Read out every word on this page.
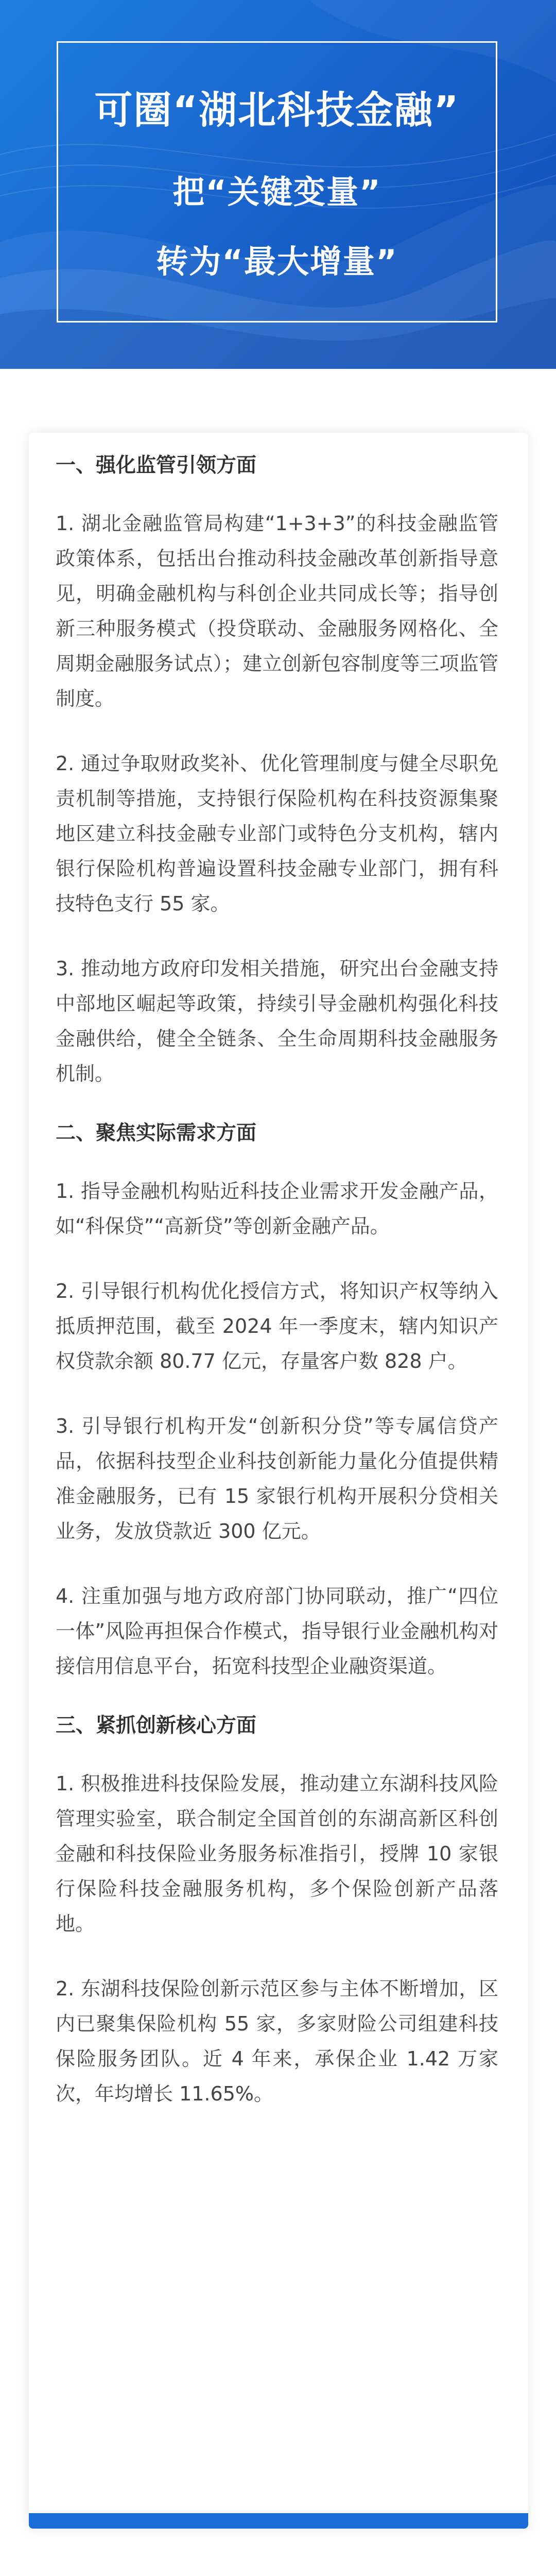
可圈“湖北科技金融”
把“关键变量”
转为“最大增量”
一、强化监管引领方面

1. 湖北金融监管局构建“1+3+3”的科技金融监管政策体系，包括出台推动科技金融改革创新指导意见，明确金融机构与科创企业共同成长等；指导创新三种服务模式（投贷联动、金融服务网格化、全周期金融服务试点）；建立创新包容制度等三项监管制度。

2. 通过争取财政奖补、优化管理制度与健全尽职免责机制等措施，支持银行保险机构在科技资源集聚地区建立科技金融专业部门或特色分支机构，辖内银行保险机构普遍设置科技金融专业部门，拥有科技特色支行 55 家。

3. 推动地方政府印发相关措施，研究出台金融支持中部地区崛起等政策，持续引导金融机构强化科技金融供给，健全全链条、全生命周期科技金融服务机制。

二、聚焦实际需求方面

1. 指导金融机构贴近科技企业需求开发金融产品，如“科保贷”“高新贷”等创新金融产品。

2. 引导银行机构优化授信方式，将知识产权等纳入抵质押范围，截至 2024 年一季度末，辖内知识产权贷款余额 80.77 亿元，存量客户数 828 户。

3. 引导银行机构开发“创新积分贷”等专属信贷产品，依据科技型企业科技创新能力量化分值提供精准金融服务，已有 15 家银行机构开展积分贷相关业务，发放贷款近 300 亿元。

4. 注重加强与地方政府部门协同联动，推广“四位一体”风险再担保合作模式，指导银行业金融机构对接信用信息平台，拓宽科技型企业融资渠道。

三、紧抓创新核心方面

1. 积极推进科技保险发展，推动建立东湖科技风险管理实验室，联合制定全国首创的东湖高新区科创金融和科技保险业务服务标准指引，授牌 10 家银行保险科技金融服务机构，多个保险创新产品落地。

2. 东湖科技保险创新示范区参与主体不断增加，区内已聚集保险机构 55 家，多家财险公司组建科技保险服务团队。近 4 年来，承保企业 1.42 万家次，年均增长 11.65%。
